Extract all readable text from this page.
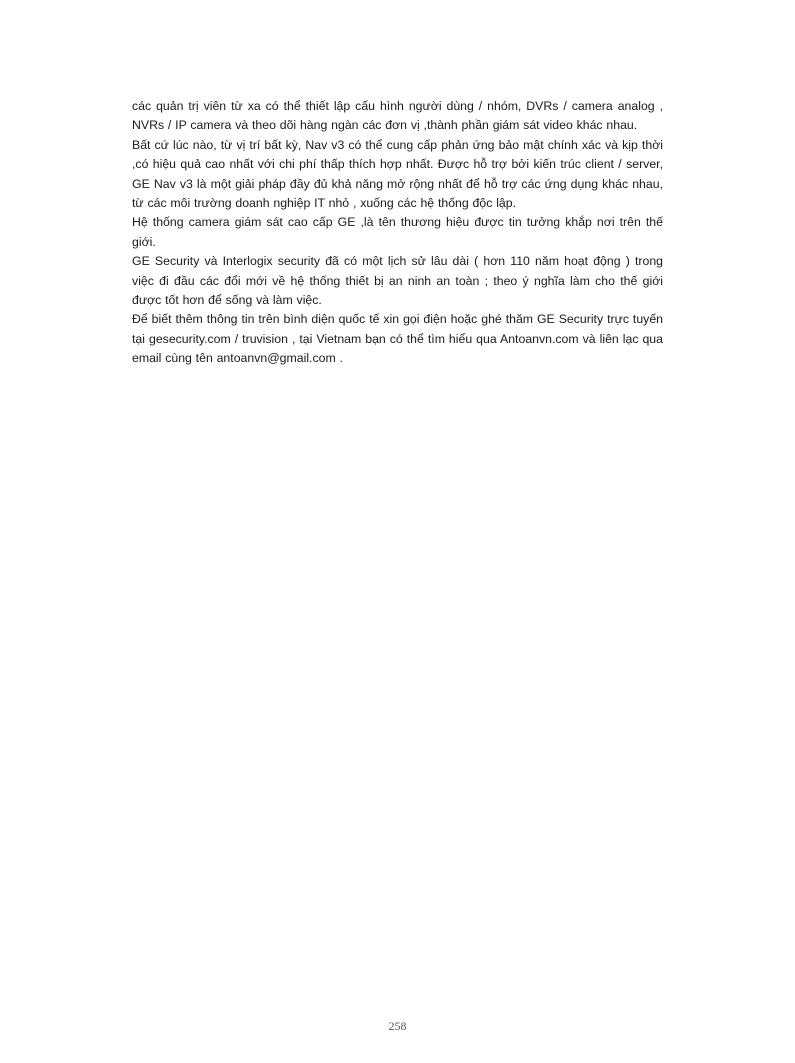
các quản trị viên từ xa có thể thiết lập cấu hình người dùng / nhóm, DVRs / camera analog , NVRs / IP camera và theo dõi hàng ngàn các đơn vị ,thành phần giám sát video khác nhau.

Bất cứ lúc nào, từ vị trí bất kỳ, Nav v3 có thể cung cấp phản ứng bảo mật chính xác và kịp thời ,có hiệu quả cao nhất với chi phí thấp thích hợp nhất. Được hỗ trợ bởi kiến trúc client / server, GE Nav v3 là một giải pháp đầy đủ khả năng mở rộng nhất để hỗ trợ các ứng dụng khác nhau, từ các môi trường doanh nghiệp IT nhỏ , xuống các hệ thống độc lập.

Hệ thống camera giám sát cao cấp GE ,là tên thương hiệu được tin tưởng khắp nơi trên thế giới.

GE Security và Interlogix security đã có một lịch sử lâu dài ( hơn 110 năm hoạt động ) trong việc đi đầu các đổi mới về hệ thống thiết bị an ninh an toàn ; theo ý nghĩa làm cho thế giới được tốt hơn để sống và làm việc.

Để biết thêm thông tin trên bình diện quốc tế xin gọi điện hoặc ghé thăm GE Security trực tuyến tại gesecurity.com / truvision , tại Vietnam bạn có thể tìm hiểu qua Antoanvn.com và liên lạc qua email cùng tên antoanvn@gmail.com .

258
